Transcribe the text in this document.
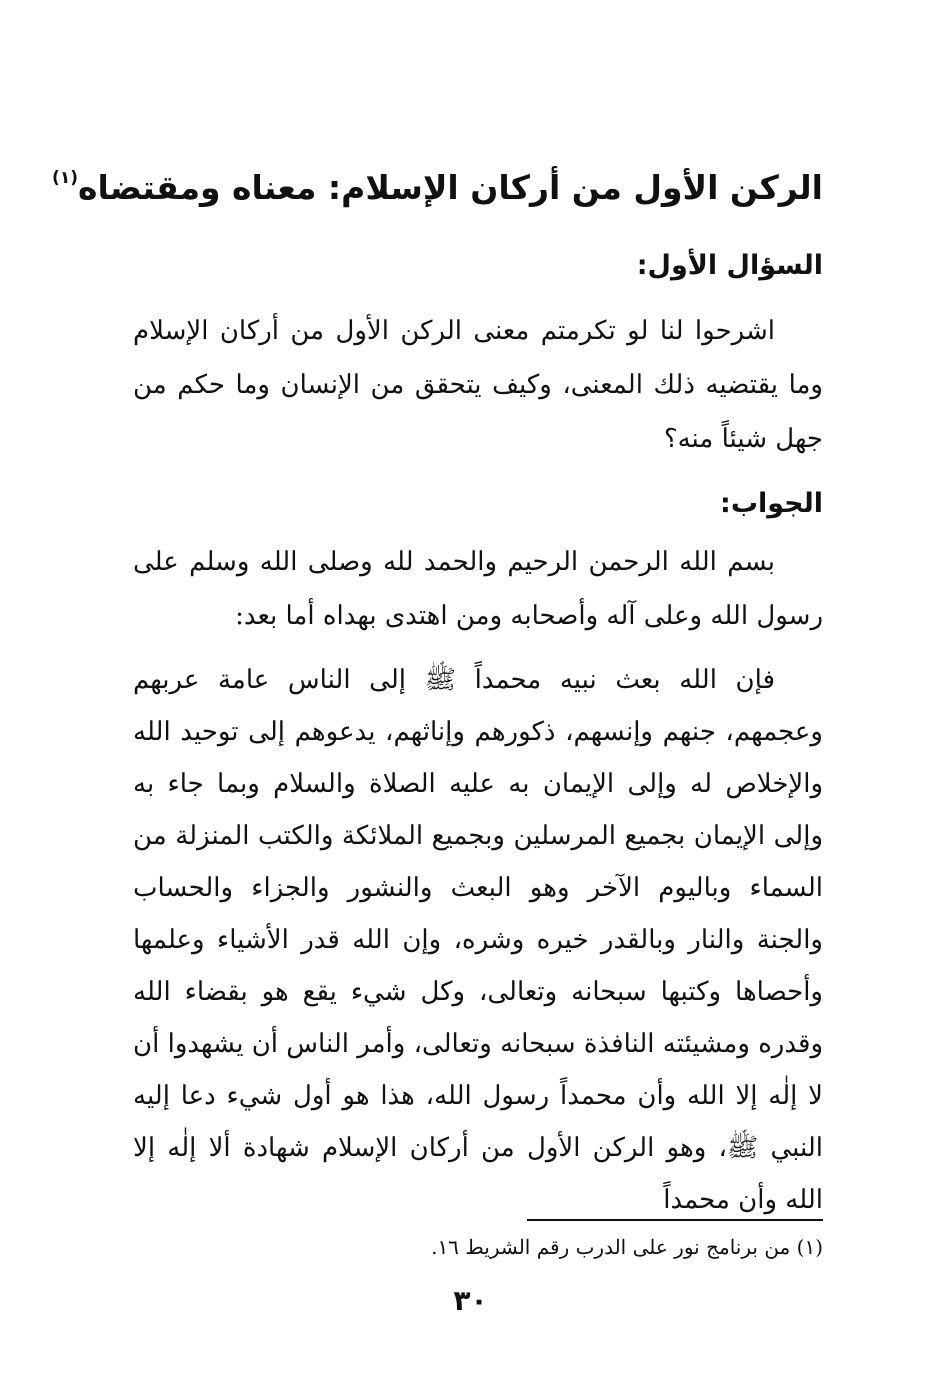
الركن الأول من أركان الإسلام: معناه ومقتضاه$^{(١)}$
السؤال الأول:
اشرحوا لنا لو تكرمتم معنى الركن الأول من أركان الإسلام وما يقتضيه ذلك المعنى، وكيف يتحقق من الإنسان وما حكم من جهل شيئاً منه؟
الجواب:
بسم الله الرحمن الرحيم والحمد لله وصلى الله وسلم على رسول الله وعلى آله وأصحابه ومن اهتدى بهداه أما بعد:
فإن الله بعث نبيه محمداً ﷺ إلى الناس عامة عربهم وعجمهم، جنهم وإنسهم، ذكورهم وإناثهم، يدعوهم إلى توحيد الله والإخلاص له وإلى الإيمان به عليه الصلاة والسلام وبما جاء به وإلى الإيمان بجميع المرسلين وبجميع الملائكة والكتب المنزلة من السماء وباليوم الآخر وهو البعث والنشور والجزاء والحساب والجنة والنار وبالقدر خيره وشره، وإن الله قدر الأشياء وعلمها وأحصاها وكتبها سبحانه وتعالى، وكل شيء يقع هو بقضاء الله وقدره ومشيئته النافذة سبحانه وتعالى، وأمر الناس أن يشهدوا أن لا إلٰه إلا الله وأن محمداً رسول الله، هذا هو أول شيء دعا إليه النبي ﷺ، وهو الركن الأول من أركان الإسلام شهادة ألا إلٰه إلا الله وأن محمداً
(١) من برنامج نور على الدرب رقم الشريط ١٦.
٣٠
